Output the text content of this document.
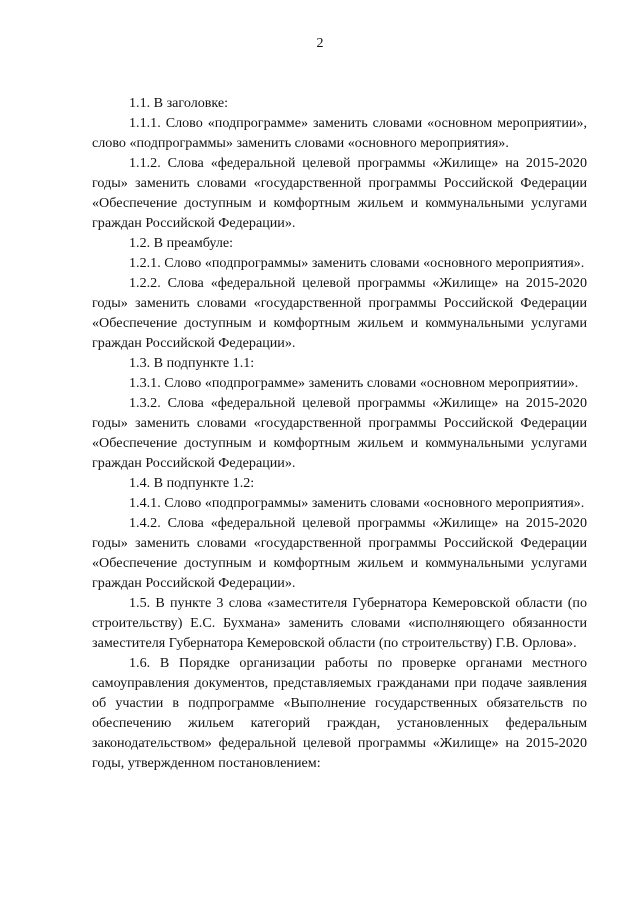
2

1.1. В заголовке:

1.1.1. Слово «подпрограмме» заменить словами «основном мероприятии», слово «подпрограммы» заменить словами «основного мероприятия».

1.1.2. Слова «федеральной целевой программы «Жилище» на 2015-2020 годы» заменить словами «государственной программы Российской Федерации «Обеспечение доступным и комфортным жильем и коммунальными услугами граждан Российской Федерации».

1.2. В преамбуле:

1.2.1. Слово «подпрограммы» заменить словами «основного мероприятия».

1.2.2. Слова «федеральной целевой программы «Жилище» на 2015-2020 годы» заменить словами «государственной программы Российской Федерации «Обеспечение доступным и комфортным жильем и коммунальными услугами граждан Российской Федерации».

1.3. В подпункте 1.1:

1.3.1. Слово «подпрограмме» заменить словами «основном мероприятии».

1.3.2. Слова «федеральной целевой программы «Жилище» на 2015-2020 годы» заменить словами «государственной программы Российской Федерации «Обеспечение доступным и комфортным жильем и коммунальными услугами граждан Российской Федерации».

1.4. В подпункте 1.2:

1.4.1. Слово «подпрограммы» заменить словами «основного мероприятия».

1.4.2. Слова «федеральной целевой программы «Жилище» на 2015-2020 годы» заменить словами «государственной программы Российской Федерации «Обеспечение доступным и комфортным жильем и коммунальными услугами граждан Российской Федерации».

1.5. В пункте 3 слова «заместителя Губернатора Кемеровской области (по строительству) Е.С. Бухмана» заменить словами «исполняющего обязанности заместителя Губернатора Кемеровской области (по строительству) Г.В. Орлова».

1.6. В Порядке организации работы по проверке органами местного самоуправления документов, представляемых гражданами при подаче заявления об участии в подпрограмме «Выполнение государственных обязательств по обеспечению жильем категорий граждан, установленных федеральным законодательством» федеральной целевой программы «Жилище» на 2015-2020 годы, утвержденном постановлением:
